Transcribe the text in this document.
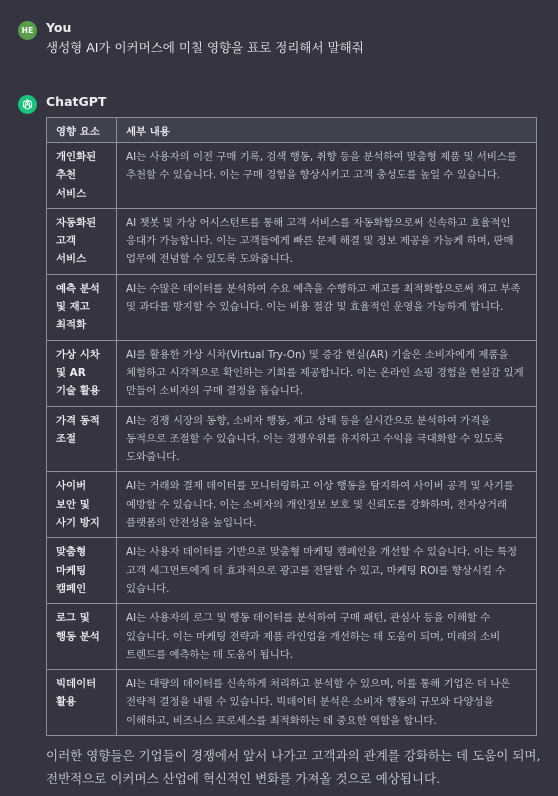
HE You
생성형 AI가 이커머스에 미칠 영향을 표로 정리해서 말해줘
ChatGPT
영향 요소	세부 내용
개인화된 추천 서비스	AI는 사용자의 이전 구매 기록, 검색 행동, 취향 등을 분석하여 맞춤형 제품 및 서비스를 추천할 수 있습니다. 이는 구매 경험을 향상시키고 고객 충성도를 높일 수 있습니다.
자동화된 고객 서비스	AI 챗봇 및 가상 어시스턴트를 통해 고객 서비스를 자동화함으로써 신속하고 효율적인 응대가 가능합니다. 이는 고객들에게 빠른 문제 해결 및 정보 제공을 가능케 하며, 판매 업무에 전념할 수 있도록 도와줍니다.
예측 분석 및 재고 최적화	AI는 수많은 데이터를 분석하여 수요 예측을 수행하고 재고를 최적화함으로써 재고 부족 및 과다를 방지할 수 있습니다. 이는 비용 절감 및 효율적인 운영을 가능하게 합니다.
가상 시차 및 AR 기술 활용	AI를 활용한 가상 시차(Virtual Try-On) 및 증강 현실(AR) 기술은 소비자에게 제품을 체험하고 시각적으로 확인하는 기회를 제공합니다. 이는 온라인 쇼핑 경험을 현실감 있게 만들어 소비자의 구매 결정을 돕습니다.
가격 동적 조절	AI는 경쟁 시장의 동향, 소비자 행동, 재고 상태 등을 실시간으로 분석하여 가격을 동적으로 조절할 수 있습니다. 이는 경쟁우위를 유지하고 수익을 극대화할 수 있도록 도와줍니다.
사이버 보안 및 사기 방지	AI는 거래와 결제 데이터를 모니터링하고 이상 행동을 탐지하여 사이버 공격 및 사기를 예방할 수 있습니다. 이는 소비자의 개인정보 보호 및 신뢰도를 강화하며, 전자상거래 플랫폼의 안전성을 높입니다.
맞춤형 마케팅 캠페인	AI는 사용자 데이터를 기반으로 맞춤형 마케팅 캠페인을 개선할 수 있습니다. 이는 특정 고객 세그먼트에게 더 효과적으로 광고를 전달할 수 있고, 마케팅 ROI를 향상시킬 수 있습니다.
로그 및 행동 분석	AI는 사용자의 로그 및 행동 데이터를 분석하여 구매 패턴, 관심사 등을 이해할 수 있습니다. 이는 마케팅 전략과 제품 라인업을 개선하는 데 도움이 되며, 미래의 소비 트렌드를 예측하는 데 도움이 됩니다.
빅데이터 활용	AI는 대량의 데이터를 신속하게 처리하고 분석할 수 있으며, 이를 통해 기업은 더 나은 전략적 결정을 내릴 수 있습니다. 빅데이터 분석은 소비자 행동의 규모와 다양성을 이해하고, 비즈니스 프로세스를 최적화하는 데 중요한 역할을 합니다.
이러한 영향들은 기업들이 경쟁에서 앞서 나가고 고객과의 관계를 강화하는 데 도움이 되며, 전반적으로 이커머스 산업에 혁신적인 변화를 가져올 것으로 예상됩니다.
